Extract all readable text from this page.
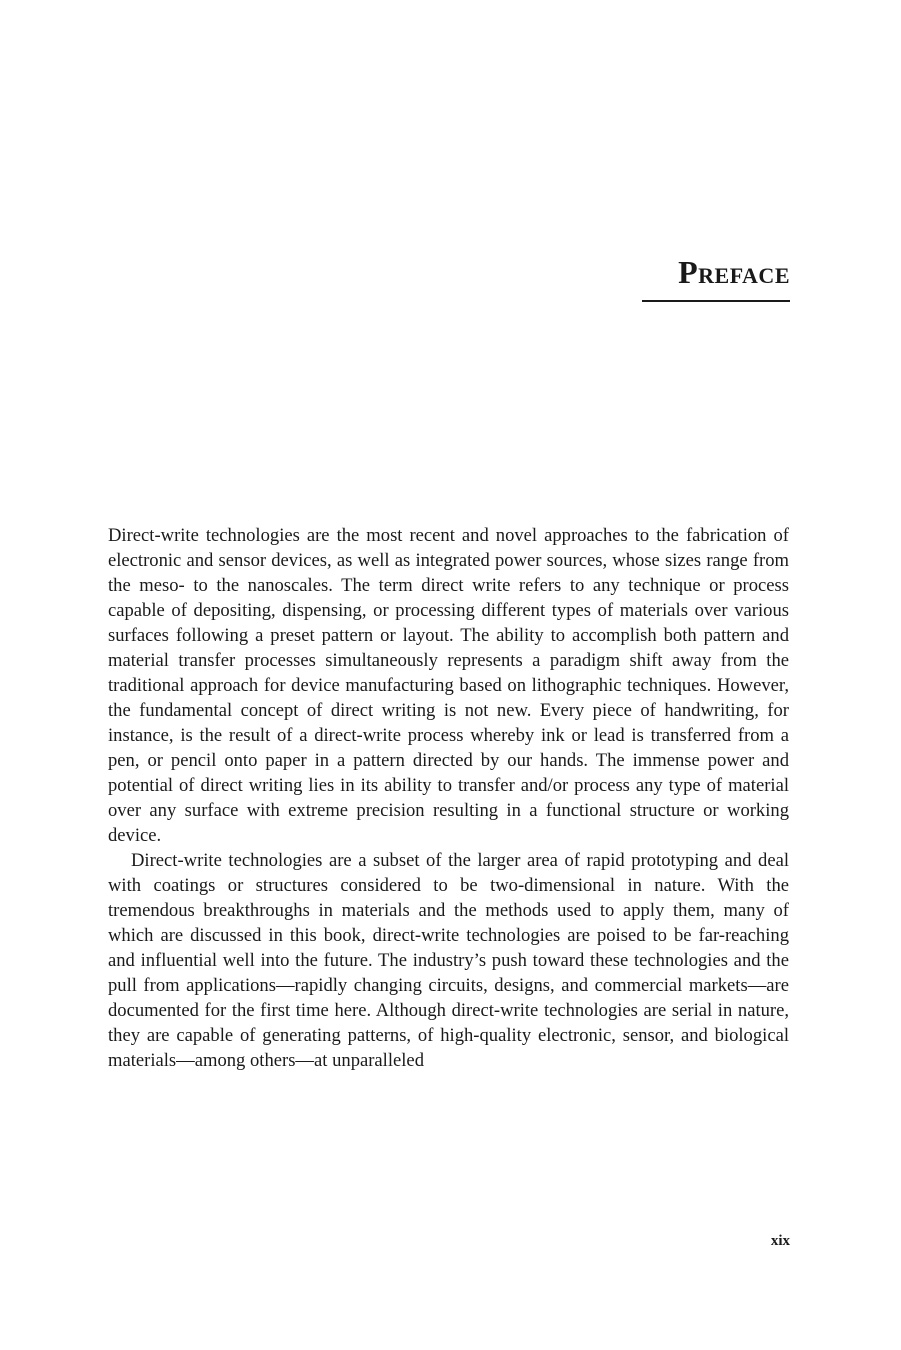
Preface

Direct-write technologies are the most recent and novel approaches to the fabrication of electronic and sensor devices, as well as integrated power sources, whose sizes range from the meso- to the nanoscales. The term direct write refers to any technique or process capable of depositing, dispensing, or processing different types of materials over various surfaces following a preset pattern or layout. The ability to accomplish both pattern and material transfer processes simultaneously represents a paradigm shift away from the traditional approach for device manufacturing based on lithographic techniques. However, the fundamental concept of direct writing is not new. Every piece of handwriting, for instance, is the result of a direct-write process whereby ink or lead is transferred from a pen, or pencil onto paper in a pattern directed by our hands. The immense power and potential of direct writing lies in its ability to transfer and/or process any type of material over any surface with extreme precision resulting in a functional structure or working device.

Direct-write technologies are a subset of the larger area of rapid prototyping and deal with coatings or structures considered to be two-dimensional in nature. With the tremendous breakthroughs in materials and the methods used to apply them, many of which are discussed in this book, direct-write technologies are poised to be far-reaching and influential well into the future. The industry’s push toward these technologies and the pull from applications—rapidly changing circuits, designs, and commercial markets—are documented for the first time here. Although direct-write technologies are serial in nature, they are capable of generating patterns, of high-quality electronic, sensor, and biological materials—among others—at unparalleled

xix
